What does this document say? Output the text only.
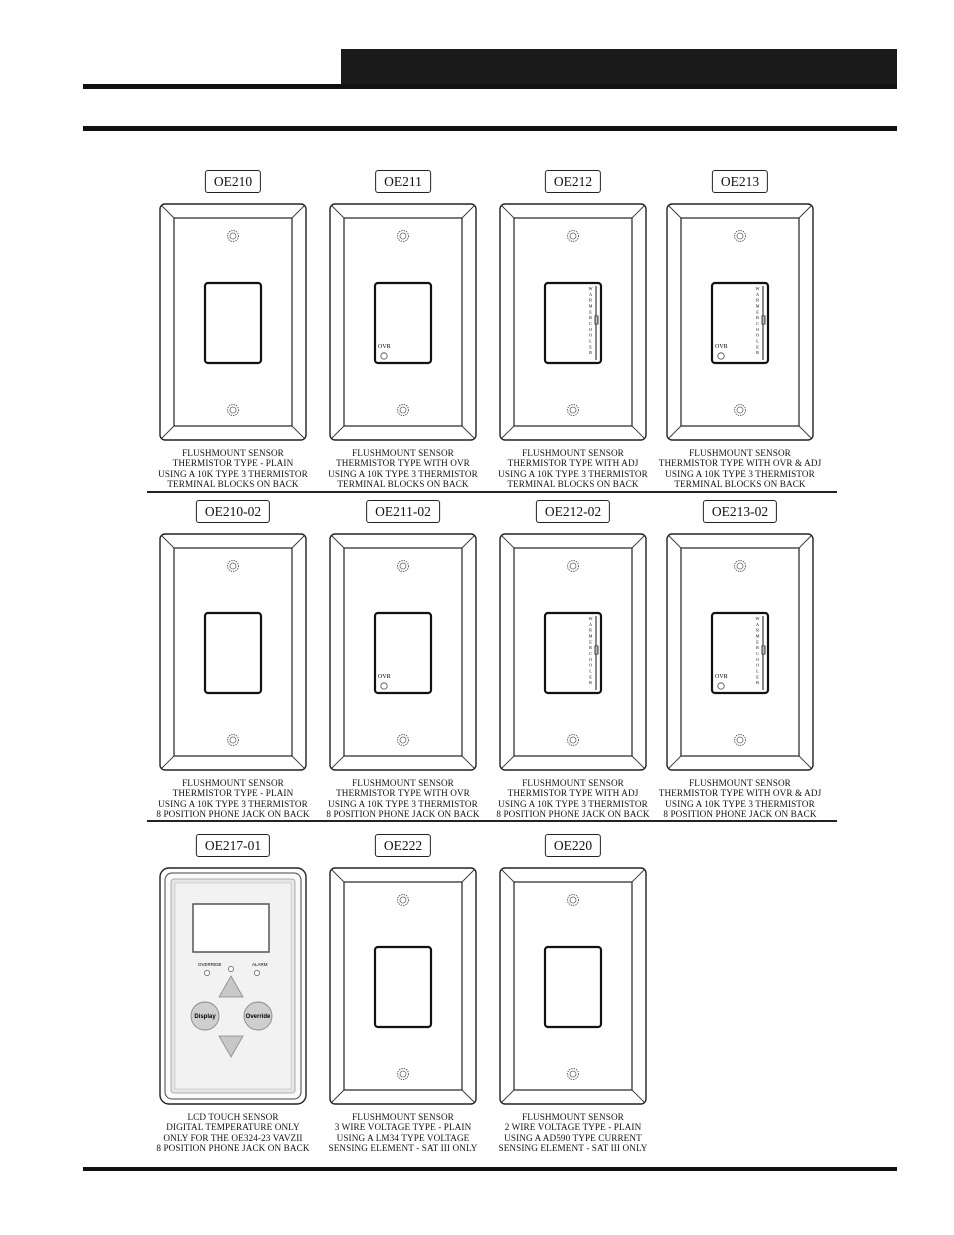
OE210
FLUSHMOUNT SENSOR
THERMISTOR TYPE - PLAIN
USING A 10K TYPE 3 THERMISTOR
TERMINAL BLOCKS ON BACK
OE211
OVR
FLUSHMOUNT SENSOR
THERMISTOR TYPE WITH OVR
USING A 10K TYPE 3 THERMISTOR
TERMINAL BLOCKS ON BACK
OE212
W
A
R
M
E
R
C
O
O
L
E
R
FLUSHMOUNT SENSOR
THERMISTOR TYPE WITH ADJ
USING A 10K TYPE 3 THERMISTOR
TERMINAL BLOCKS ON BACK
OE213
W
A
R
M
E
R
C
O
O
L
E
R
OVR
FLUSHMOUNT SENSOR
THERMISTOR TYPE WITH OVR & ADJ
USING A 10K TYPE 3 THERMISTOR
TERMINAL BLOCKS ON BACK
OE210-02
FLUSHMOUNT SENSOR
THERMISTOR TYPE - PLAIN
USING A 10K TYPE 3 THERMISTOR
8 POSITION PHONE JACK ON BACK
OE211-02
OVR
FLUSHMOUNT SENSOR
THERMISTOR TYPE WITH OVR
USING A 10K TYPE 3 THERMISTOR
8 POSITION PHONE JACK ON BACK
OE212-02
W
A
R
M
E
R
C
O
O
L
E
R
FLUSHMOUNT SENSOR
THERMISTOR TYPE WITH ADJ
USING A 10K TYPE 3 THERMISTOR
8 POSITION PHONE JACK ON BACK
OE213-02
W
A
R
M
E
R
C
O
O
L
E
R
OVR
FLUSHMOUNT SENSOR
THERMISTOR TYPE WITH OVR & ADJ
USING A 10K TYPE 3 THERMISTOR
8 POSITION PHONE JACK ON BACK
OE217-01
OVERRIDE	ALARM
Display	Override
LCD TOUCH SENSOR
DIGITAL TEMPERATURE ONLY
ONLY FOR THE OE324-23 VAVZII
8 POSITION PHONE JACK ON BACK
OE222
FLUSHMOUNT SENSOR
3 WIRE VOLTAGE TYPE - PLAIN
USING A LM34 TYPE VOLTAGE
SENSING ELEMENT - SAT III ONLY
OE220
FLUSHMOUNT SENSOR
2 WIRE VOLTAGE TYPE - PLAIN
USING A AD590 TYPE CURRENT
SENSING ELEMENT - SAT III ONLY
